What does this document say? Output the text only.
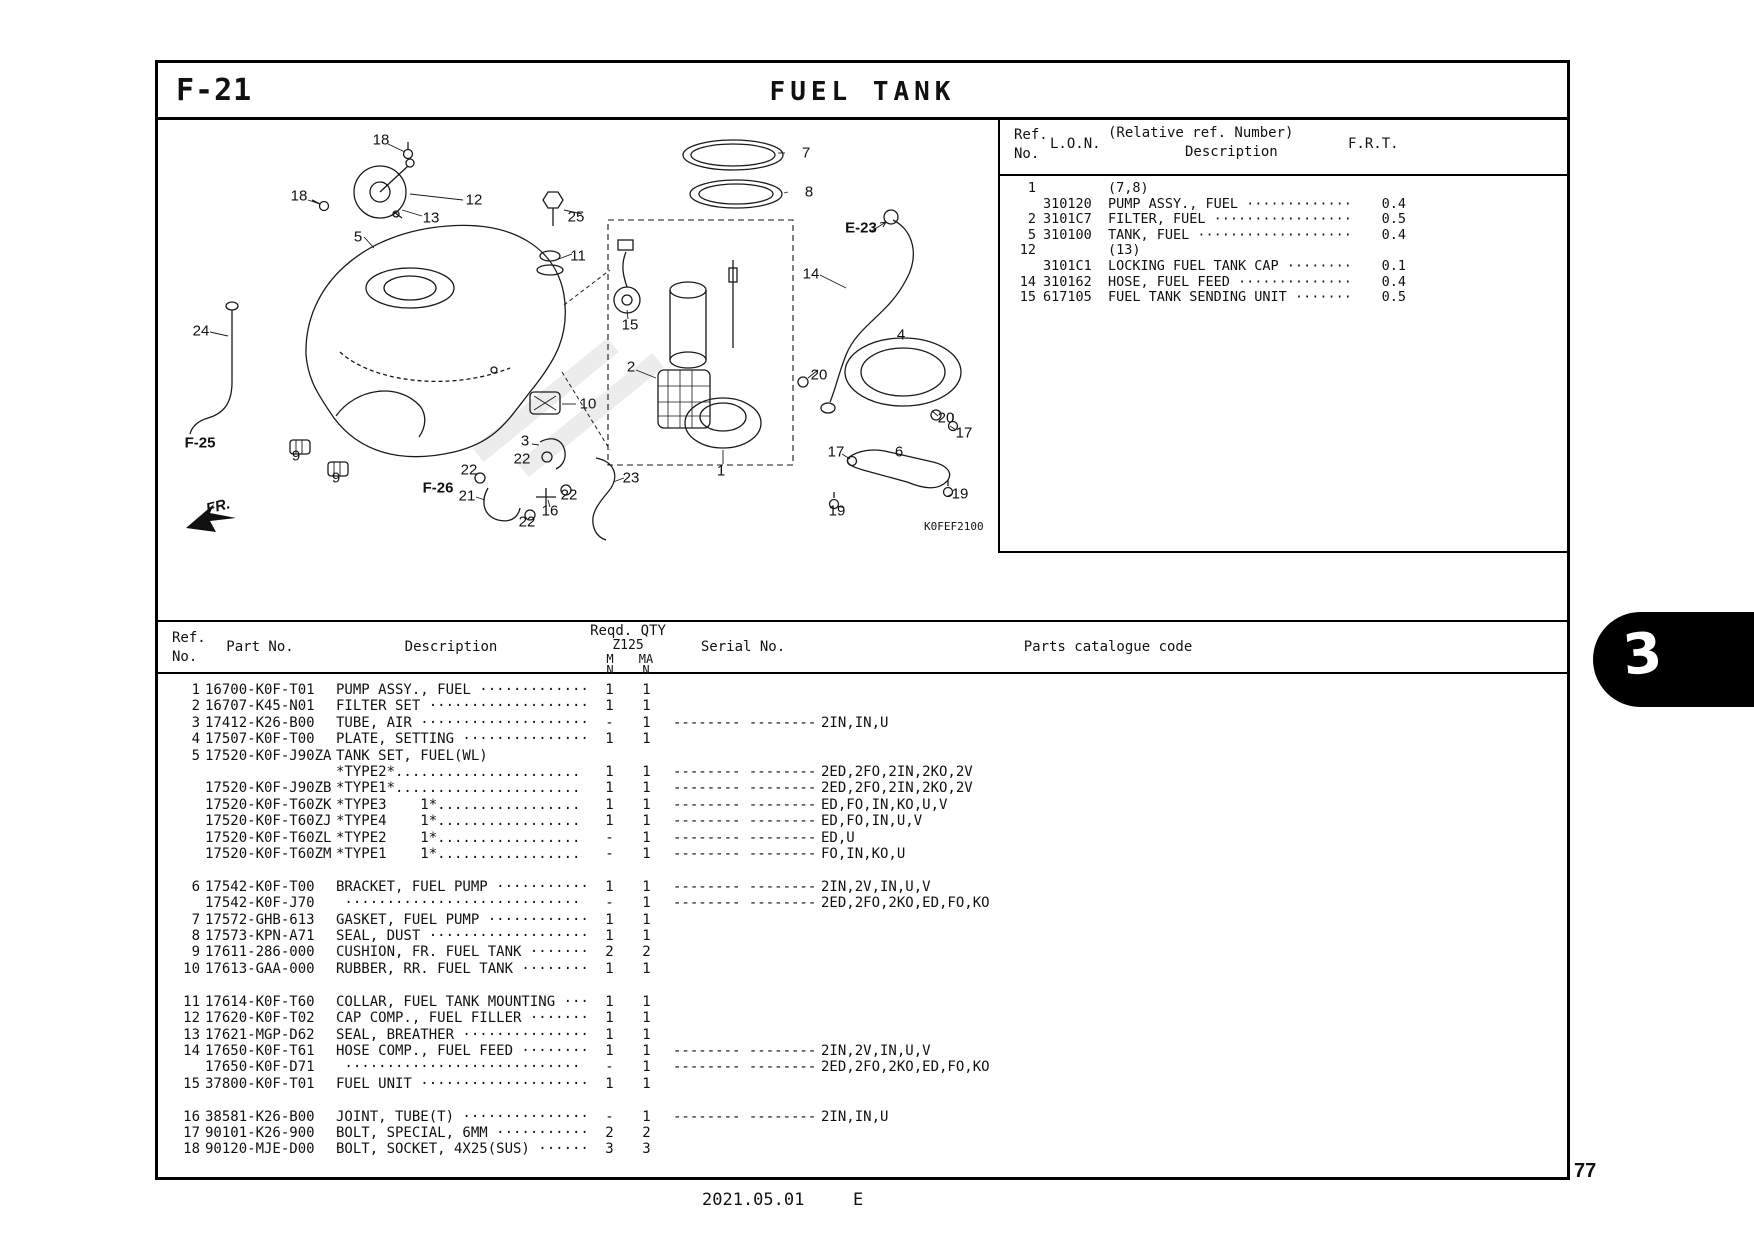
F-21	FUEL TANK
18
7
8
18	12
13	25
E-23
5
11
14
15
24
2	20
4
10
20
17
3
F-25
9	17	6
22
9	22
F-26 21	19
23
22
16
22
19
1
FR.
K0FEF2100
Ref.
No.
L.O.N.
(Relative ref. Number)
Description	F.R.T.
1	(7,8)
310120	PUMP ASSY., FUEL ·············	0.4
2 3101C7	FILTER, FUEL ·················	0.5
5 310100	TANK, FUEL ···················	0.4
12	(13)
3101C1	LOCKING FUEL TANK CAP ········	0.1
14 310162	HOSE, FUEL FEED ··············	0.4
15 617105	FUEL TANK SENDING UNIT ·······	0.5
Ref.
No.
Part No.	Description
Reqd. QTY
Z125
M MA
N N
Serial No.	Parts catalogue code
1 16700-K0F-T01	PUMP ASSY., FUEL ·············	1	1
2 16707-K45-N01	FILTER SET ···················	1	1
3 17412-K26-B00	TUBE, AIR ····················	-	1	-------- -------- 2IN,IN,U
4 17507-K0F-T00	PLATE, SETTING ···············	1	1
5 17520-K0F-J90ZA TANK SET, FUEL(WL)
*TYPE2*......................	1	1	-------- -------- 2ED,2FO,2IN,2KO,2V
17520-K0F-J90ZB *TYPE1*......................	1	1	-------- -------- 2ED,2FO,2IN,2KO,2V
17520-K0F-T60ZK *TYPE3    1*.................	1	1	-------- -------- ED,FO,IN,KO,U,V
17520-K0F-T60ZJ *TYPE4    1*.................	1	1	-------- -------- ED,FO,IN,U,V
17520-K0F-T60ZL *TYPE2    1*.................	-	1	-------- -------- ED,U
17520-K0F-T60ZM *TYPE1    1*.................	-	1	-------- -------- FO,IN,KO,U
6 17542-K0F-T00	BRACKET, FUEL PUMP ···········	1	1	-------- -------- 2IN,2V,IN,U,V
17542-K0F-J70	····························	-	1	-------- -------- 2ED,2FO,2KO,ED,FO,KO
7 17572-GHB-613	GASKET, FUEL PUMP ············	1	1
8 17573-KPN-A71	SEAL, DUST ···················	1	1
9 17611-286-000	CUSHION, FR. FUEL TANK ·······	2	2
10 17613-GAA-000	RUBBER, RR. FUEL TANK ········	1	1
11 17614-K0F-T60	COLLAR, FUEL TANK MOUNTING ···	1	1
12 17620-K0F-T02	CAP COMP., FUEL FILLER ·······	1	1
13 17621-MGP-D62	SEAL, BREATHER ···············	1	1
14 17650-K0F-T61	HOSE COMP., FUEL FEED ········	1	1	-------- -------- 2IN,2V,IN,U,V
17650-K0F-D71	····························	-	1	-------- -------- 2ED,2FO,2KO,ED,FO,KO
15 37800-K0F-T01	FUEL UNIT ····················	1	1
16 38581-K26-B00	JOINT, TUBE(T) ···············	-	1	-------- -------- 2IN,IN,U
17 90101-K26-900	BOLT, SPECIAL, 6MM ···········	2	2
18 90120-MJE-D00	BOLT, SOCKET, 4X25(SUS) ······	3	3
3
77
2021.05.01	E
